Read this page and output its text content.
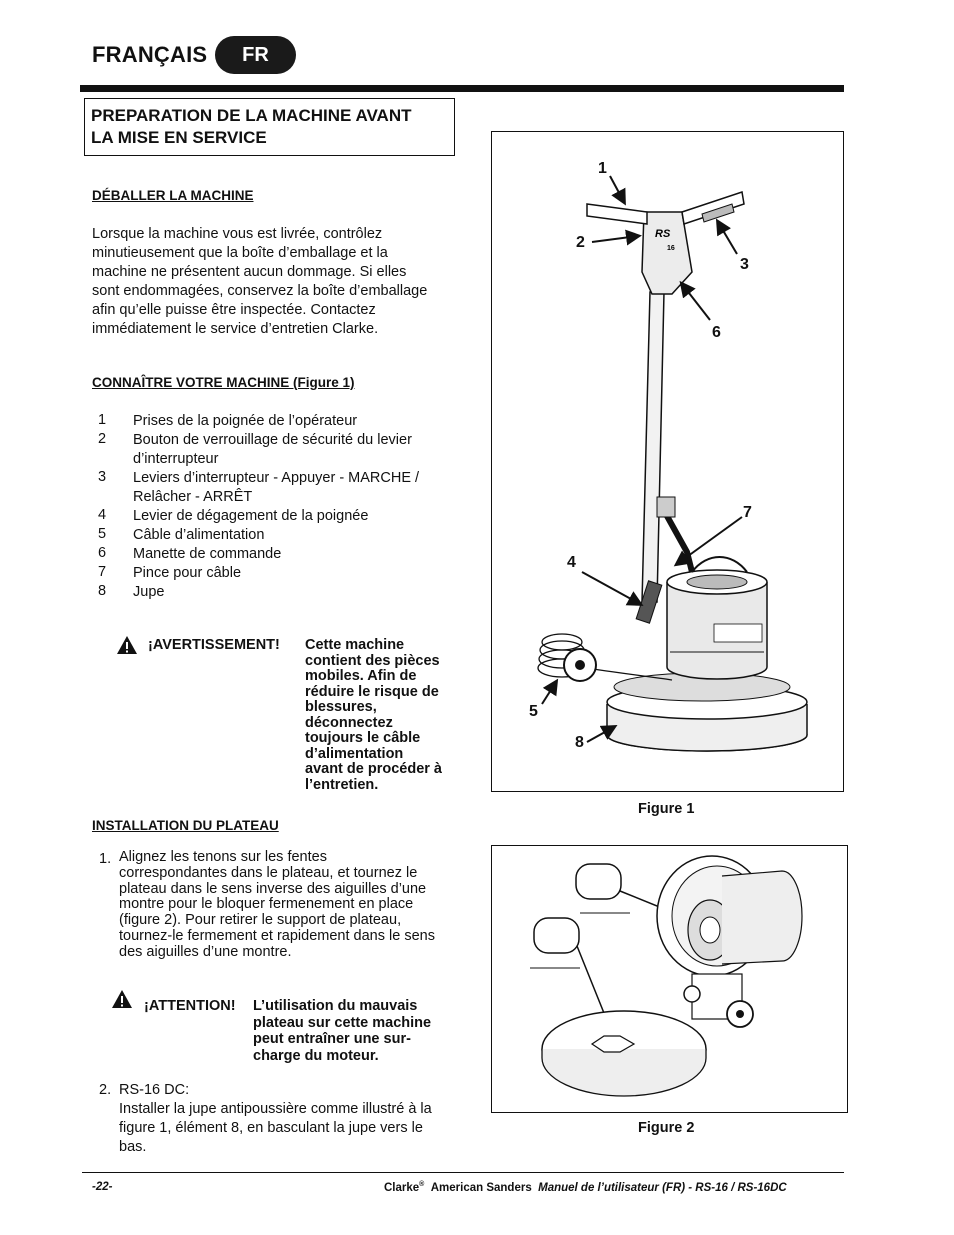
FRANÇAIS	FR
PREPARATION DE LA MACHINE AVANT
LA MISE EN SERVICE
DÉBALLER LA MACHINE
Lorsque la machine vous est livrée, contrôlez
minutieusement que la boîte d’emballage et la
machine ne présentent aucun dommage. Si elles
sont endommagées, conservez la boîte d’emballage
afin qu’elle puisse être inspectée. Contactez
immédiatement le service d’entretien Clarke.
CONNAÎTRE VOTRE MACHINE (Figure 1)
1	Prises de la poignée de l’opérateur
2	Bouton de verrouillage de sécurité du levier
d’interrupteur
3	Leviers d’interrupteur - Appuyer - MARCHE /
Relâcher - ARRÊT
4	Levier de dégagement de la poignée
5	Câble d’alimentation
6	Manette de commande
7	Pince pour câble
8	Jupe
¡AVERTISSEMENT! Cette machine
contient des pièces
mobiles. Afin de
réduire le risque de
blessures,
déconnectez
toujours le câble
d’alimentation
avant de procéder à
l’entretien.
INSTALLATION DU PLATEAU
1. Alignez les tenons sur les fentes
correspondantes dans le plateau, et tournez le
plateau dans le sens inverse des aiguilles d’une
montre pour le bloquer fermenement en place
(figure 2). Pour retirer le support de plateau,
tournez-le fermement et rapidement dans le sens
des aiguilles d’une montre.
¡ATTENTION! L’utilisation du mauvais
plateau sur cette machine
peut entraîner une sur-
charge du moteur.
2. RS-16 DC:
Installer la jupe antipoussière comme illustré à la
figure 1, élément 8, en basculant la jupe vers le
bas.
RS
16
1
2
3
6
7
4
5
8
Figure 1
Figure 2
-22-	Clarke® American Sanders Manuel de l’utilisateur (FR) - RS-16 / RS-16DC
